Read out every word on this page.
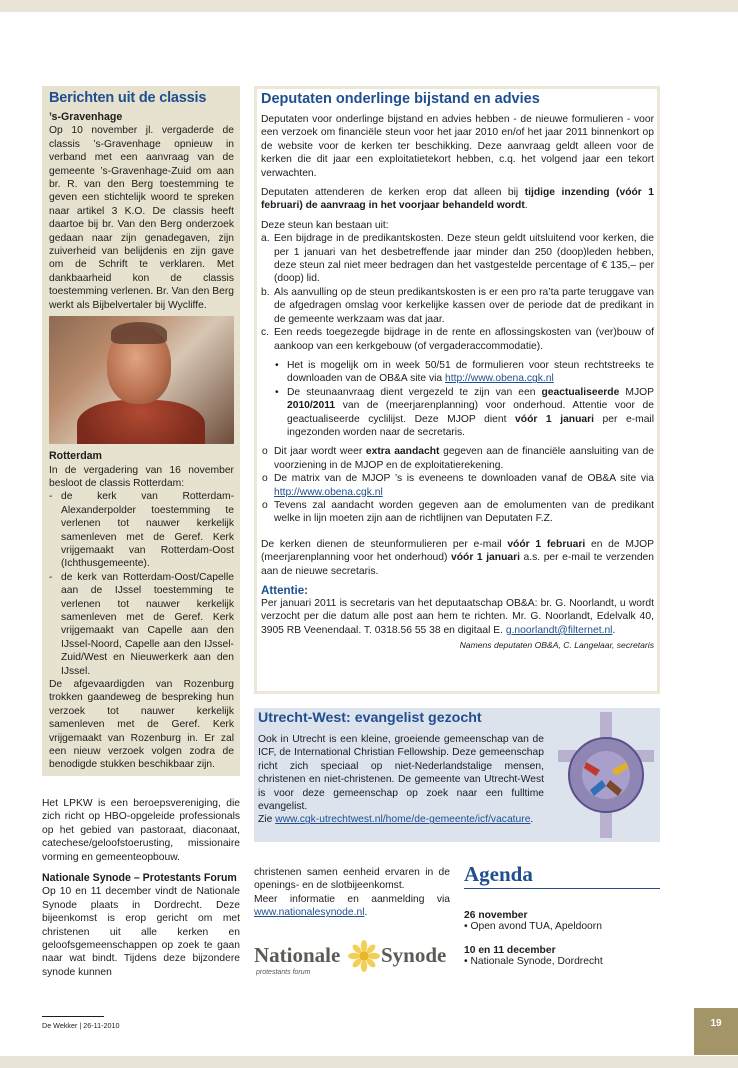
Berichten uit de classis

’s-Gravenhage

Op 10 november jl. vergaderde de classis ’s-Gravenhage opnieuw in verband met een aanvraag van de gemeente ’s-Gravenhage-Zuid om aan br. R. van den Berg toestemming te geven een stichtelijk woord te spreken naar artikel 3 K.O. De classis heeft daartoe bij br. Van den Berg onderzoek gedaan naar zijn genadegaven, zijn zuiverheid van belijdenis en zijn gave om de Schrift te verklaren. Met dankbaarheid kon de classis toestemming verlenen. Br. Van den Berg werkt als Bijbelvertaler bij Wycliffe.

Rotterdam

In de vergadering van 16 november besloot de classis Rotterdam:

- de kerk van Rotterdam-Alexanderpolder toestemming te verlenen tot nauwer kerkelijk samenleven met de Geref. Kerk vrijgemaakt van Rotterdam-Oost (Ichthusgemeente).

- de kerk van Rotterdam-Oost/Capelle aan de IJssel toestemming te verlenen tot nauwer kerkelijk samenleven met de Geref. Kerk vrijgemaakt van Capelle aan den IJssel-Noord, Capelle aan den IJssel-Zuid/West en Nieuwerkerk aan den IJssel.

De afgevaardigden van Rozenburg trokken gaandeweg de bespreking hun verzoek tot nauwer kerkelijk samenleven met de Geref. Kerk vrijgemaakt van Rozenburg in. Er zal een nieuw verzoek volgen zodra de benodigde stukken beschikbaar zijn.

Het LPKW is een beroepsvereniging, die zich richt op HBO-opgeleide professionals op het gebied van pastoraat, diaconaat, catechese/geloofstoerusting, missionaire vorming en gemeenteopbouw.

Nationale Synode – Protestants Forum

Op 10 en 11 december vindt de Nationale Synode plaats in Dordrecht. Deze bijeenkomst is erop gericht om met christenen uit alle kerken en geloofsgemeenschappen op zoek te gaan naar wat bindt. Tijdens deze bijzondere synode kunnen

Deputaten onderlinge bijstand en advies

Deputaten voor onderlinge bijstand en advies hebben - de nieuwe formulieren - voor een verzoek om financiële steun voor het jaar 2010 en/of het jaar 2011 binnenkort op de website voor de kerken ter beschikking. Deze aanvraag geldt alleen voor de kerken die dit jaar een exploitatietekort hebben, c.q. het volgend jaar een tekort verwachten.

Deputaten attenderen de kerken erop dat alleen bij tijdige inzending (vóór 1 februari) de aanvraag in het voorjaar behandeld wordt.

Deze steun kan bestaan uit:

a. Een bijdrage in de predikantskosten. Deze steun geldt uitsluitend voor kerken, die per 1 januari van het desbetreffende jaar minder dan 250 (doop)leden hebben, deze steun zal niet meer bedragen dan het vastgestelde percentage of € 135,– per (doop) lid.

b. Als aanvulling op de steun predikantskosten is er een pro ra’ta parte teruggave van de afgedragen omslag voor kerkelijke kassen over de periode dat de predikant in de gemeente werkzaam was dat jaar.

c. Een reeds toegezegde bijdrage in de rente en aflossingskosten van (ver)bouw of aankoop van een kerkgebouw (of vergaderaccommodatie).

• Het is mogelijk om in week 50/51 de formulieren voor steun rechtstreeks te downloaden van de OB&A site via http://www.obena.cgk.nl

• De steunaanvraag dient vergezeld te zijn van een geactualiseerde MJOP 2010/2011 van de (meerjarenplanning) voor onderhoud. Attentie voor de geactualiseerde cyclilijst. Deze MJOP dient vóór 1 januari per e-mail ingezonden worden naar de secretaris.

o Dit jaar wordt weer extra aandacht gegeven aan de financiële aansluiting van de voorziening in de MJOP en de exploitatierekening.

o De matrix van de MJOP ’s is eveneens te downloaden vanaf de OB&A site via http://www.obena.cgk.nl

o Tevens zal aandacht worden gegeven aan de emolumenten van de predikant welke in lijn moeten zijn aan de richtlijnen van Deputaten F.Z.

De kerken dienen de steunformulieren per e-mail vóór 1 februari en de MJOP (meerjarenplanning voor het onderhoud) vóór 1 januari a.s. per e-mail te verzenden aan de nieuwe secretaris.

Attentie:

Per januari 2011 is secretaris van het deputaatschap OB&A: br. G. Noorlandt, u wordt verzocht per die datum alle post aan hem te richten. Mr. G. Noorlandt, Edelvalk 40, 3905 RB Veenendaal. T. 0318.56 55 38 en digitaal E. g.noorlandt@filternet.nl.

Namens deputaten OB&A, C. Langelaar, secretaris

Utrecht-West: evangelist gezocht

Ook in Utrecht is een kleine, groeiende gemeenschap van de ICF, de International Christian Fellowship. Deze gemeenschap richt zich speciaal op niet-Nederlandstalige mensen, christenen en niet-christenen. De gemeente van Utrecht-West is voor deze gemeenschap op zoek naar een fulltime evangelist.

Zie www.cgk-utrechtwest.nl/home/de-gemeente/icf/vacature.

christenen samen eenheid ervaren in de openings- en de slotbijeenkomst.

Meer informatie en aanmelding via www.nationalesynode.nl.

Nationale Synode
protestants forum
Agenda

26 november

• Open avond TUA, Apeldoorn

10 en 11 december

• Nationale Synode, Dordrecht

De Wekker | 26-11-2010	19
